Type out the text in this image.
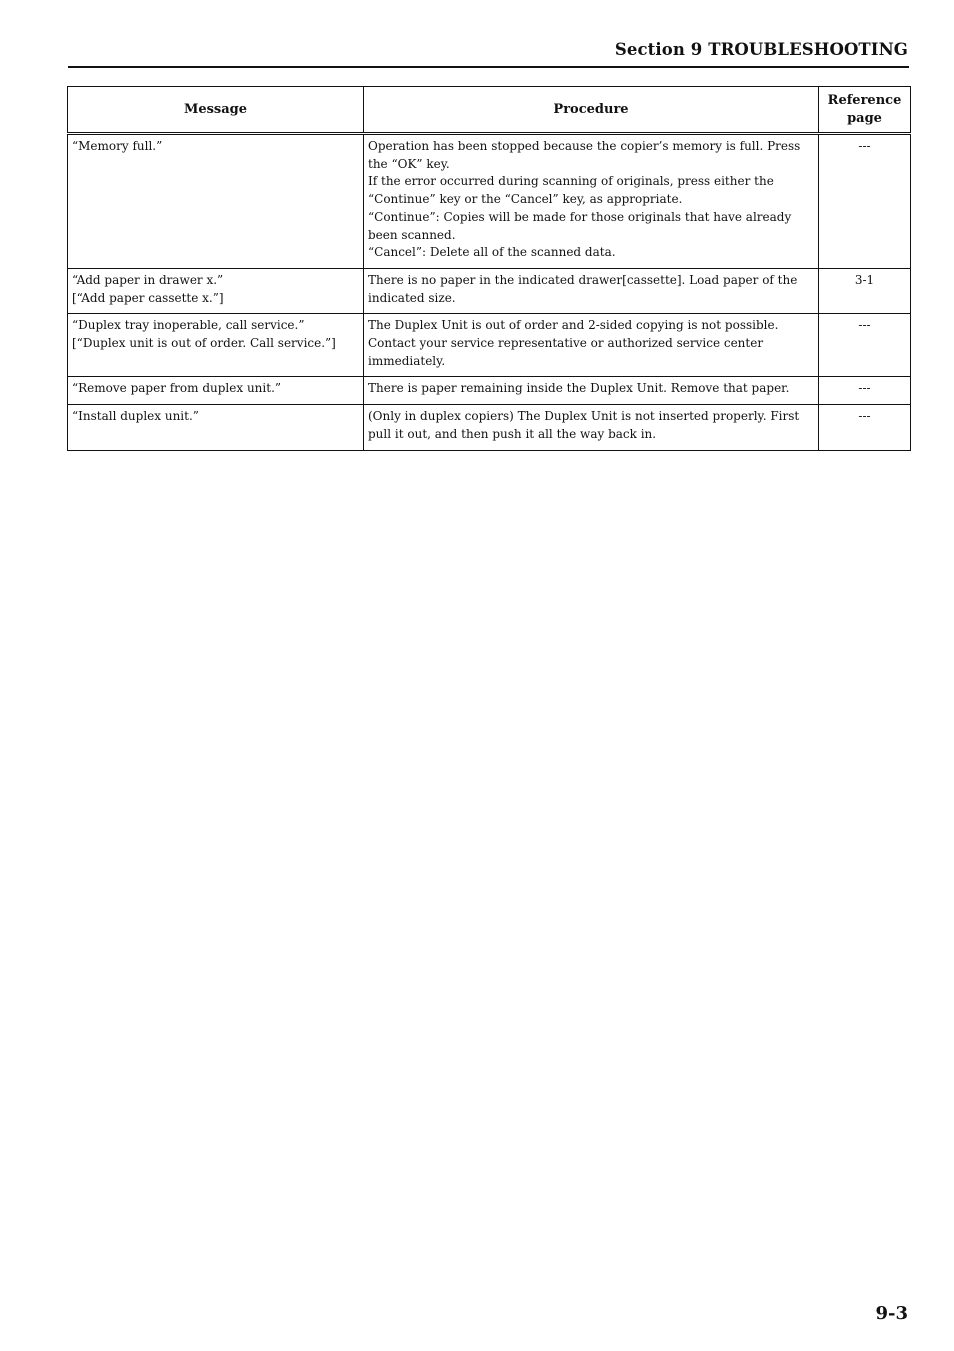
Section 9 TROUBLESHOOTING
Message	Procedure	Reference
page

“Memory full.”	Operation has been stopped because the copier’s memory is full. Press the “OK” key.
If the error occurred during scanning of originals, press either the “Continue” key or the “Cancel” key, as appropriate.
“Continue”: Copies will be made for those originals that have already been scanned.
“Cancel”: Delete all of the scanned data.	---

“Add paper in drawer x.”
[“Add paper cassette x.”]	There is no paper in the indicated drawer[cassette]. Load paper of the indicated size.	3-1

“Duplex tray inoperable, call service.”
[“Duplex unit is out of order. Call service.”]	The Duplex Unit is out of order and 2-sided copying is not possible. Contact your service representative or authorized service center immediately.	---

“Remove paper from duplex unit.”	There is paper remaining inside the Duplex Unit. Remove that paper.	---

“Install duplex unit.”	(Only in duplex copiers) The Duplex Unit is not inserted properly. First pull it out, and then push it all the way back in.	---
9-3
